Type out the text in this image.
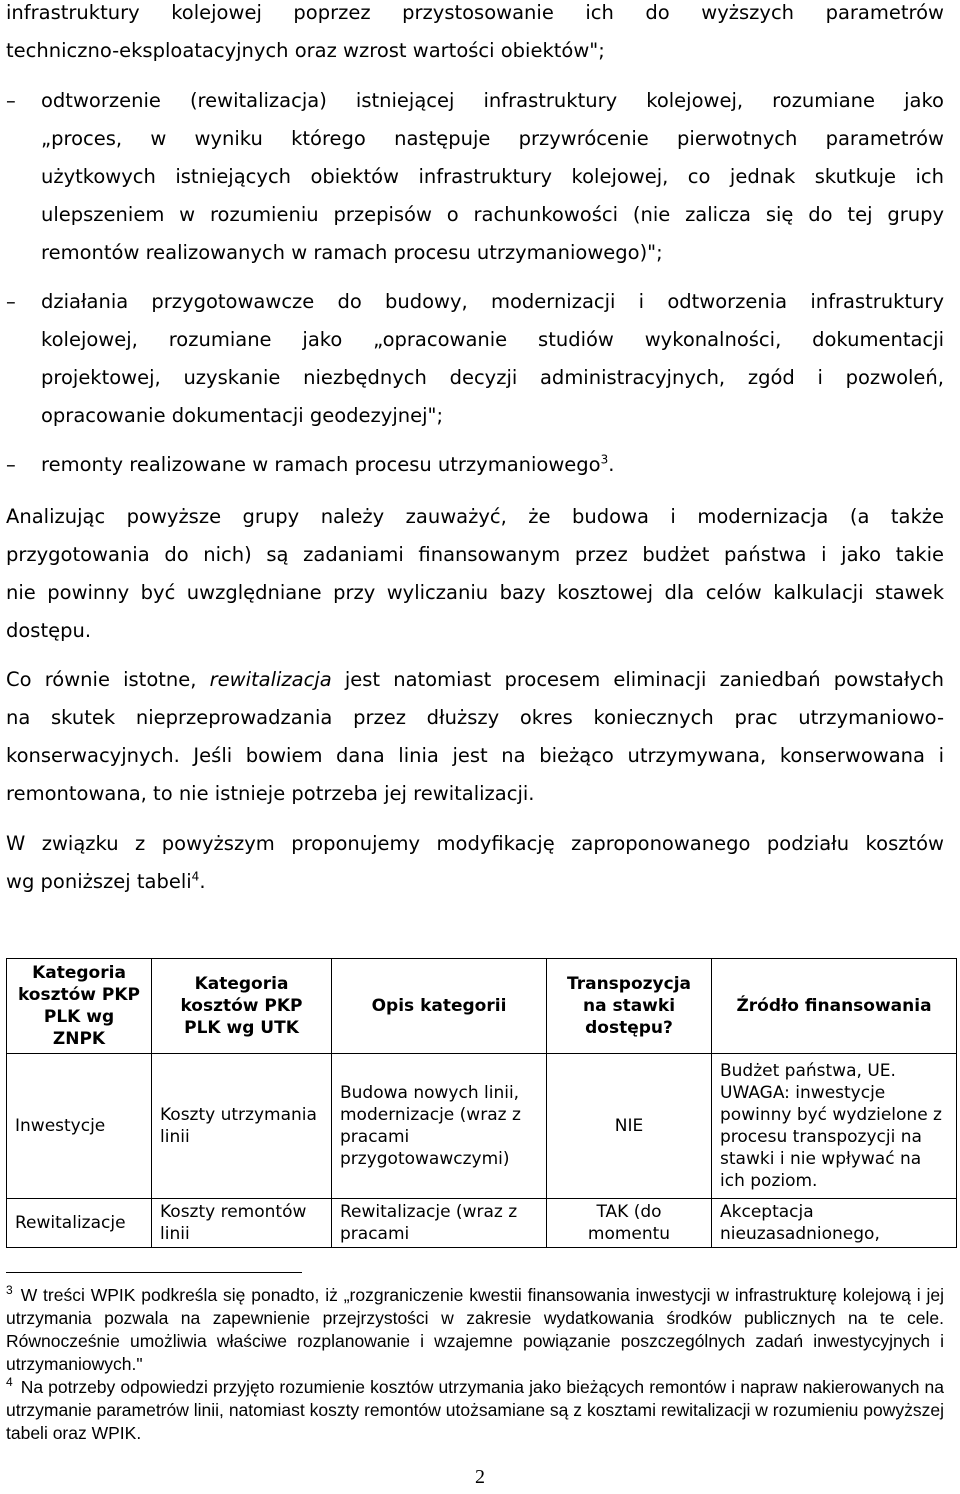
infrastruktury kolejowej poprzez przystosowanie ich do wyższych parametrów
techniczno-eksploatacyjnych oraz wzrost wartości obiektów";
–	odtworzenie (rewitalizacja) istniejącej infrastruktury kolejowej, rozumiane jako
„proces, w wyniku którego następuje przywrócenie pierwotnych parametrów
użytkowych istniejących obiektów infrastruktury kolejowej, co jednak skutkuje ich
ulepszeniem w rozumieniu przepisów o rachunkowości (nie zalicza się do tej grupy
remontów realizowanych w ramach procesu utrzymaniowego)";
–	działania przygotowawcze do budowy, modernizacji i odtworzenia infrastruktury
kolejowej, rozumiane jako „opracowanie studiów wykonalności, dokumentacji
projektowej, uzyskanie niezbędnych decyzji administracyjnych, zgód i pozwoleń,
opracowanie dokumentacji geodezyjnej";
–	remonty realizowane w ramach procesu utrzymaniowego$^3$.
Analizując powyższe grupy należy zauważyć, że budowa i modernizacja (a także
przygotowania do nich) są zadaniami finansowanym przez budżet państwa i jako takie
nie powinny być uwzględniane przy wyliczaniu bazy kosztowej dla celów kalkulacji stawek
dostępu.
Co równie istotne, rewitalizacja jest natomiast procesem eliminacji zaniedbań powstałych
na skutek nieprzeprowadzania przez dłuższy okres koniecznych prac utrzymaniowo-
konserwacyjnych. Jeśli bowiem dana linia jest na bieżąco utrzymywana, konserwowana i
remontowana, to nie istnieje potrzeba jej rewitalizacji.
W związku z powyższym proponujemy modyfikację zaproponowanego podziału kosztów
wg poniższej tabeli$^4$.
Kategoria kosztów PKP PLK wg ZNPK	Kategoria kosztów PKP PLK wg UTK	Opis kategorii	Transpozycja na stawki dostępu?	Źródło finansowania
Inwestycje	Koszty utrzymania linii	Budowa nowych linii, modernizacje (wraz z pracami przygotowawczymi)	NIE	Budżet państwa, UE. UWAGA: inwestycje powinny być wydzielone z procesu transpozycji na stawki i nie wpływać na ich poziom.
Rewitalizacje	Koszty remontów linii	Rewitalizacje (wraz z pracami	TAK (do momentu	Akceptacja nieuzasadnionego,
$^3$ W treści WPIK podkreśla się ponadto, iż „rozgraniczenie kwestii finansowania inwestycji w infrastrukturę kolejową i jej utrzymania pozwala na zapewnienie przejrzystości w zakresie wydatkowania środków publicznych na te cele. Równocześnie umożliwia właściwe rozplanowanie i wzajemne powiązanie poszczególnych zadań inwestycyjnych i utrzymaniowych."
$^4$ Na potrzeby odpowiedzi przyjęto rozumienie kosztów utrzymania jako bieżących remontów i napraw nakierowanych na utrzymanie parametrów linii, natomiast koszty remontów utożsamiane są z kosztami rewitalizacji w rozumieniu powyższej tabeli oraz WPIK.
2
